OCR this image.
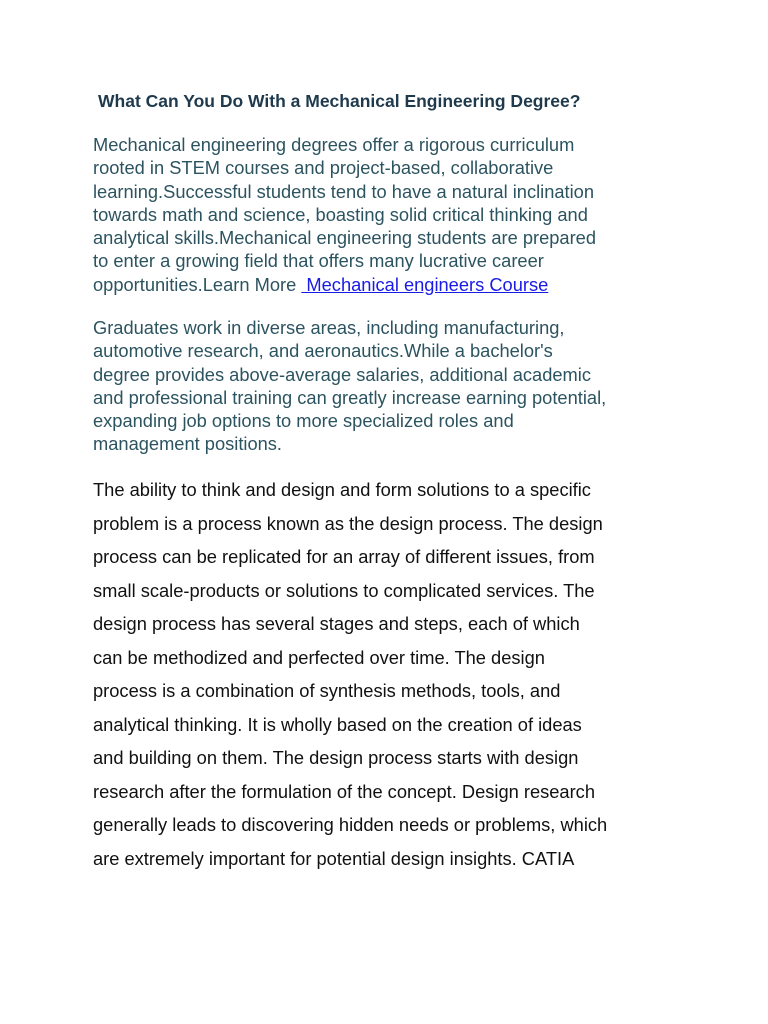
What Can You Do With a Mechanical Engineering Degree?
Mechanical engineering degrees offer a rigorous curriculum
rooted in STEM courses and project-based, collaborative
learning.Successful students tend to have a natural inclination
towards math and science, boasting solid critical thinking and
analytical skills.Mechanical engineering students are prepared
to enter a growing field that offers many lucrative career
opportunities.Learn More  Mechanical engineers Course
Graduates work in diverse areas, including manufacturing,
automotive research, and aeronautics.While a bachelor's
degree provides above-average salaries, additional academic
and professional training can greatly increase earning potential,
expanding job options to more specialized roles and
management positions.
The ability to think and design and form solutions to a specific
problem is a process known as the design process. The design
process can be replicated for an array of different issues, from
small scale-products or solutions to complicated services. The
design process has several stages and steps, each of which
can be methodized and perfected over time. The design
process is a combination of synthesis methods, tools, and
analytical thinking. It is wholly based on the creation of ideas
and building on them. The design process starts with design
research after the formulation of the concept. Design research
generally leads to discovering hidden needs or problems, which
are extremely important for potential design insights. CATIA
